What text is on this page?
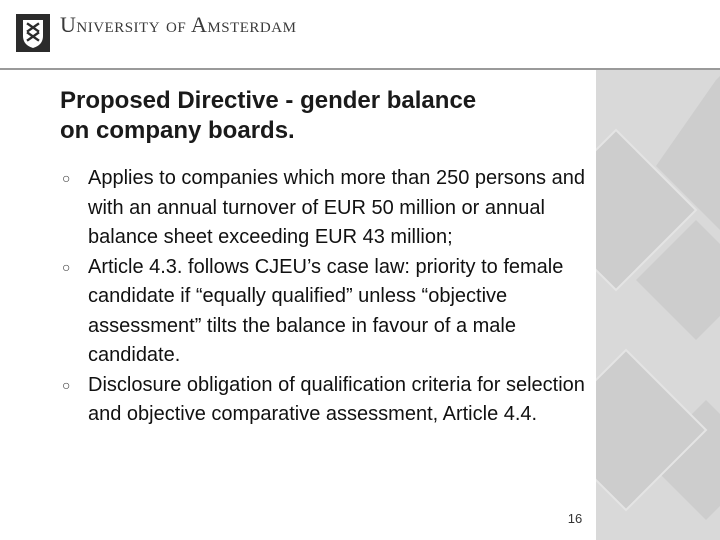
University of Amsterdam
Proposed Directive - gender balance
on company boards.
○ Applies to companies which more than 250 persons and with an annual turnover of EUR 50 million or annual balance sheet exceeding EUR 43 million;
○ Article 4.3. follows CJEU’s case law: priority to female candidate if “equally qualified” unless “objective assessment” tilts the balance in favour of a male candidate.
○ Disclosure obligation of qualification criteria for selection and objective comparative assessment, Article 4.4.
16
